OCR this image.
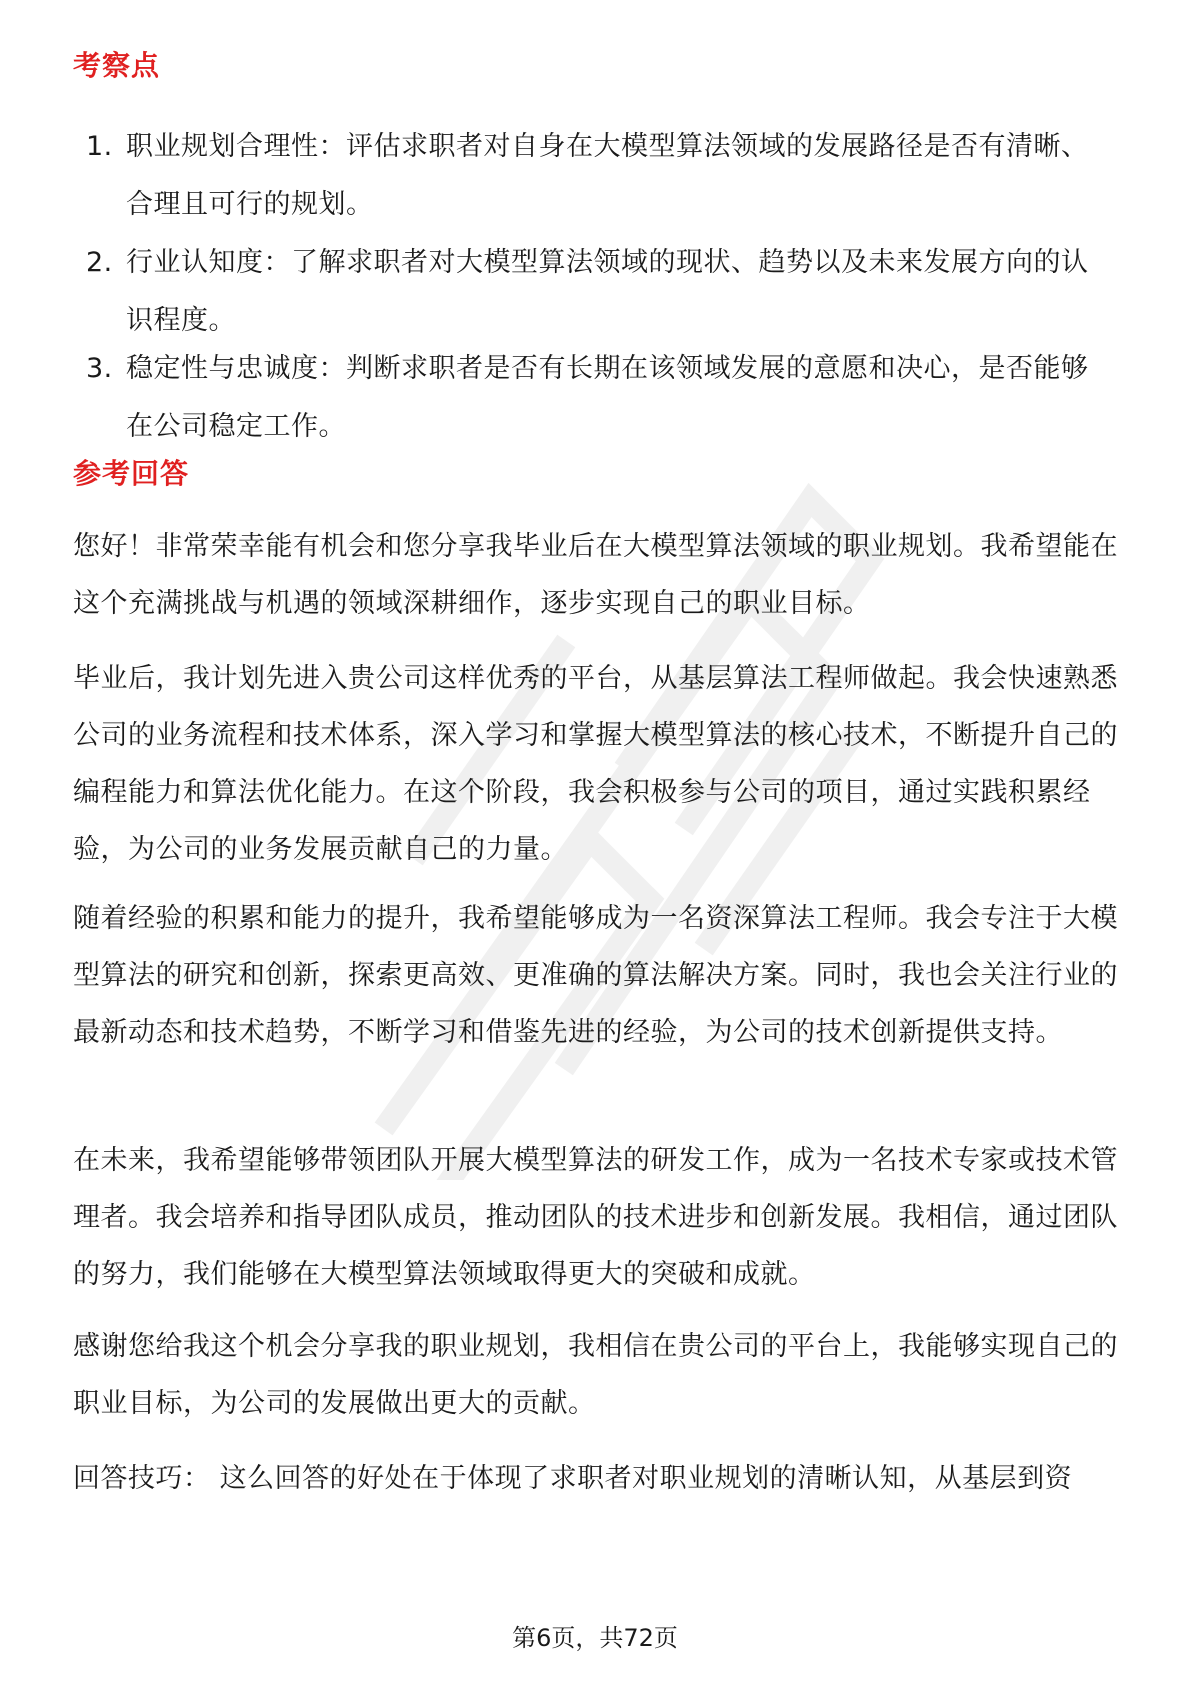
考察点
1. 职业规划合理性：评估求职者对自身在大模型算法领域的发展路径是否有清晰、合理且可行的规划。
2. 行业认知度：了解求职者对大模型算法领域的现状、趋势以及未来发展方向的认识程度。
3. 稳定性与忠诚度：判断求职者是否有长期在该领域发展的意愿和决心，是否能够在公司稳定工作。
参考回答

您好！非常荣幸能有机会和您分享我毕业后在大模型算法领域的职业规划。我希望能在这个充满挑战与机遇的领域深耕细作，逐步实现自己的职业目标。

毕业后，我计划先进入贵公司这样优秀的平台，从基层算法工程师做起。我会快速熟悉公司的业务流程和技术体系，深入学习和掌握大模型算法的核心技术，不断提升自己的编程能力和算法优化能力。在这个阶段，我会积极参与公司的项目，通过实践积累经验，为公司的业务发展贡献自己的力量。

随着经验的积累和能力的提升，我希望能够成为一名资深算法工程师。我会专注于大模型算法的研究和创新，探索更高效、更准确的算法解决方案。同时，我也会关注行业的最新动态和技术趋势，不断学习和借鉴先进的经验，为公司的技术创新提供支持。

在未来，我希望能够带领团队开展大模型算法的研发工作，成为一名技术专家或技术管理者。我会培养和指导团队成员，推动团队的技术进步和创新发展。我相信，通过团队的努力，我们能够在大模型算法领域取得更大的突破和成就。

感谢您给我这个机会分享我的职业规划，我相信在贵公司的平台上，我能够实现自己的职业目标，为公司的发展做出更大的贡献。

回答技巧： 这么回答的好处在于体现了求职者对职业规划的清晰认知，从基层到资

第6页，共72页
